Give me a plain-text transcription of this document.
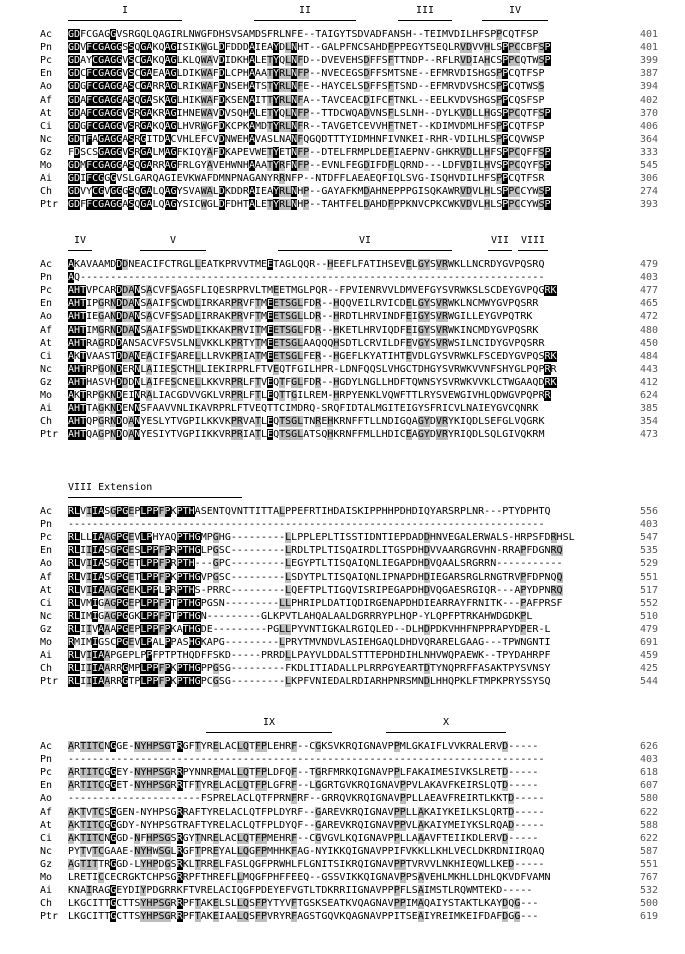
I	II	III	IV
Ac GDFCGAGGVSRGQLQAGIRLNWGFDHSVSAMDSFRLNFE--TAIGYTSDVADFANSH--TEIMVDILHFSPPCQTFSP	401
Pn GDVFCGAGGSSQGAKQAGISIKWGLDFDDDAIEAYDLNHT--GALPFNCSAHDFPPEGYTSEQLRVDVVHLSPPCCBFSP	401
Pc GDAYCGAGGVSCGAKQAGLKLQWAVDIDKHALETYQLNFD--DVEVEHSDFFSFTTNDP--RFLRVDIAHCSPPCQTWSP	399
En GDCFCGAGGVSCGAEAAGLDIKWAFDLCPHAAATYRLNFP--NVECEGSDFFSMTSNE--EFMRVDISHGSPPCQTFSP	387
Ao GDGFCGAGGASCGARRAGLRIKWAFDNSEHATSTYRLNFE--HAYCELSDFFSFTSND--EFMRVDVSHCSPPCQTWSS	394
Af GDAFCGAGGASQGASKAGLHIKWAFDKSENAITTYRLNFA--TAVCEACDIFCFTNKL--EELKVDVSHGSPPCQSFSP	402
At GDAFCGAGGVSRGAKRAGIHNEWAVDVSQHALETYQLNFP--TTDCWQADVNSFLSLNH--DYLKVDLLHGSPPCQTFSP	370
Ci GDGFCGAGGVSRGAKQAGLHVRWGFDKCPKAMDTYRLNFR--TAVGETCEVVHFTNET--KDIMVDMLHFSPPCQTFSP	406
Nc GDTFAGAGGASRGITDACVHLEFCVDNWEHAVASLNANFQGQDTTTYIDMHNFIVNKEI-RHR-VDILHLSPPCQVWSP	364
Gz FDSCSGAGGVSRGALMAGFKIQYAFDKAPEVWETYETNFP--DTELFRMPLDEFIAEPNV-GHKRVDLLHFSPPCQFFSP	333
Mo GDMFCGAGGASQGARRAGFRLGYAVEHWNHAAATYRFNFP--EVNLFEGDIFDFLQRND---LDFVDILHVSPPCQYFSP	545
Ai GDIFCGGGVSLGARQAGIEVKWAFDMNPNAGANYRRNFP--NTDFFLAEAEQFIQLSVG-ISQHVDILHFSPPCQTFSR	306
Ch GDVYCGVGGGSQGALQAGYSVAWALDKDDRAIEAYRLNHP--GAYAFKMDAHNEPPPGISQKAWRVDVLHLSPPCCYWSP	274
Ptr GDFFCGAGGASQGALQAGYSICWGLDFDHTALETYRLNHP--TAHTFELDAHDFPPKNVCPKCWKVDVLHLSPPCCYWSP	393
IV	V	VI	VII VIII
Ac AKAVAAMDDDNEACIFCTRGLLEATKPRVVTMEETAGLQQR--HEEFLFATIHSEVELGYSVRWKLLNCRDYGVPQSRQ	479
Pn AQ-----------------------------------------------------------------------------	403
Pc AHTVPCARDDANSACVFSAGSFLIQESRPRVLTMEETMGLPQR--FPVIENRVVLDMVEFGYSVRWKSLSCDEYGVPQGRK	477
En AHTIPGRNDDANSAAIFSCWDLIRKARPRVFTMEETSGLFDR--HQQVEILRVICDELGYSVRWKLNCMWYGVPQSRR	465
Ao AHTIEGANDDANSACVFSSADLIRRAKPRVFTMEETSGLLDR--HRDTLHRVINDFEIGYSVRWGILLEYGVPQTRK	472
Af AHTIMGRNDDANSAAIFSSWDLIKKAKPRVITMEETSGLFDR--HKETLHRVIQDFEIGYSVRWKINCMDYGVPQSRK	480
At AHTRAGRDDANSACVFSVSLNLVKKLKPRTYTMEETSGLAAQQQHSDTLCRVILDFEVGYSVRWSILNCIDYGVPQSRR	450
Ci AKTVAASTDDANEACIFSARELLLRVKPRIATMEETSGLFER--HGEFLKYATIHTEVDLGYSVRWKLFSCEDYGVPQSRK	484
Nc AHTRPGONDERNLAIIESCTHLLIEKIRPRLFTVEQTFGILHPR-LDNFQQSLVHGCTDHGYSVRWKVVNFSHYGLPQPRR	443
Gz AHTHASVHDDDNLAIFESCNELLKKVRPRLFTVEQTFGLFDR--HGDYLNGLLHDFTQWNSYSVRWKVVKLCTWGAAQDRK	412
Mo AKTRPGKNDEINRALIACGDVVGKLVRPRLFTLEQTTGILREM-HRPYENKLVQWFTTLRYSVEWGIVHLQDWGVPQPRR	624
Ai AHTTAGKNDENNSFAAVVNLIKAVRPRLFTVEQTTCIMDRQ-SRQFIDTALMGITEIGYSFRICVLNAIEYGVCQNRK	385
Ch AHTQPGRNDOANYESLYTVGPILKKVKPRVATLEQTSGLTNREHKRNFFTLLNDIGQAGYDVRYKIQDLSEFGLVQGRK	354
Ptr AHTQAGPNDOANYESIYTVGPIIKKVRPRIATLEQTSGLATSQHKRNFFMLLHDICEAGYDVRYRIQDLSQLGIVQKRM	473
VIII Extension
Ac RLVIIASGPGEPLPPFPKPTHASENTQVNTTITTALPPEFRTIHDAISKIPPHHPDHDIQYARSRPLNR---PTYDPHTQ	556
Pn -------------------------------------------------------------------------------	403
Pc RLLLIAAGPGEVLPHYAQPTHGMPGHG---------LLPPLEPLTISSTIDNTIEPDADDHNVEGALERWALS-HRPSFDRHSL	547
En RLIIIASGPGESLPPFPRPTHGLPGSC---------LRDLTPLTISQAIRDLITGSPDHDVVAARGRGVHN-RRAPFDGNRQ	535
Ao RLVIIASGPGETLPPFPRPTH---GPC---------LEGYPTLTISQAIQNLIEGAPDHDVQAALSRGRRN-----------	529
Af RLVIIASGPGETLPPFPKPTHGVPGSC---------LSDYTPLTISQAIQNLIPNAPDHDIEGARSRGLRNGTRVPFDPNQQ	551
At RLVIIAAGPGEKLPPLPRPTHS-PRRC---------LQEFTPLTIGQVISRIPEGAPDHDVQGAESRGIQR---APYDPNRQ	517
Ci RLVMIGAGPGEPLPPFPTPTHGPGSN---------LLPHRIPLDATIQDIRGENAPDHDIEARRAYFRNITK---PAFPRSF	552
Nc RLIMIGAGPGGKLPPFPTPTHGN---------GLKPVTLAHQALAALDGRRRYPLHQP-YLQPFPTRKAHWDGDKPL	510
Gz RLIIVAAAPGEPLPPFPKATHGDE---------PGLLPYVNTIGKALRGIQLED--DLHDPDKVHHFNPPRAPYDPER-L	479
Mo RMIMIGSCPGEVLPALPPASHGKAPG---------LPRYTMVNDVLASIEHGAQLDHDVQRARELGAAG---TPWNGNTI	691
Ai RLVIIAAPGEPLPPFPTPTHQDFFSKD-----PRRDLLPAYVLDDALSTTTEPDHDIHLNHVWQPAEWK--TPYDAHRPF	459
Ch RLIIIAARRGMPLPPFPKPTHGPPGSG---------FKDLITIADALLPLRRPGYEARTDTYNQPRFFASAKTPYSVNSY	425
Ptr RLIIIAARRGTPLPPFPKPTHGPCGSG---------LKPFVNIEDALRDIARHPNRSMNDLHHQPKLFTMPKPRYSSYSQ	544
IX	X
Ac ARTITCNGGE-NYHPSGTRGFTYRELACLQTFPLEHRF--CGKSVKRQIGNAVPPMLGKAIFLVVKRALERVD-----	626
Pn -------------------------------------------------------------------------------	403
Pc ARTITCGGEY-NYHPSGRRPYNNREMALLQTFPLDFQF--TGRFMRKQIGNAVPPLFAKAIMESIVKSLRETD-----	618
En ARTITCGGET-NYHPSGRRTFTYRELACLQTFPLGFRF--LGGRTGVKRQIGNAVPPVLAKAVFKEIRSLQTD-----	607
Ao ----------------------FSPRELACLQTFPRNFRF--GRRQVKRQIGNAVPPLLAEAVFREIRTLKKTD-----	580
Af AKTVTCSGGEN-NYHPSGRRAFTYRELACLQTFPLDYRF--GAREVKRQIGNAVPPLLAKAIYKEILKSLQRTD-----	622
At AKTITCGGGDY-NYHPSGTRAFTYRELACLQTFPLDYQF--GAREVKRQIGNAVPPVLAKAIYMEIYKSLRQAD-----	588
Ci AKTITCNGGD-NFHPSGSRGYTNRELACLQTFPMEHRF--CGVGVLKQIGNAVPPLLAAAVFTEIIKDLERVD-----	622
Nc PYTVTCGAAE-NYHWSGLRGFTPREYALLQGFPMHHKFAG-NYIKKQIGNAVPPIFVKKLLKHLVECLDKRDNIIRQAQ	587
Gz AGTITTRGGD-LYHPDGSRKLTRRELFASLQGFPRWHLFLGNITSIKRQIGNAVPPTVRVVLNKHIEQWLLKED-----	551
Mo LRETICCECRGKTCHPSGRRPFTHREFLLMQGFPHFFEEQ--GSSVIKKQIGNAVPPSAVEHLMKHLLDHLQKVDFVAMN	767
Ai KNAIRAGGEYDIYPDGRRKFTVRELACIQGFPDEYEFVGTLTDKRRIIGNAVPPPFLSAIMSTLRQWMTEKD-----	532
Ch LKGCITTGCTTSYHPSGRRPFTAKELSLLQSFPYTYVFTGSKSEATKVQAGNAVPPIMAQAIYSTAKTLKAYDQG---	500
Ptr LKGCITTGCTTSYHPSGRRPFTAKEIAALQSFPVRYRFAGSTGQVKQAGNAVPPITSEAIYREIMKEIFDAFDGG---	619
